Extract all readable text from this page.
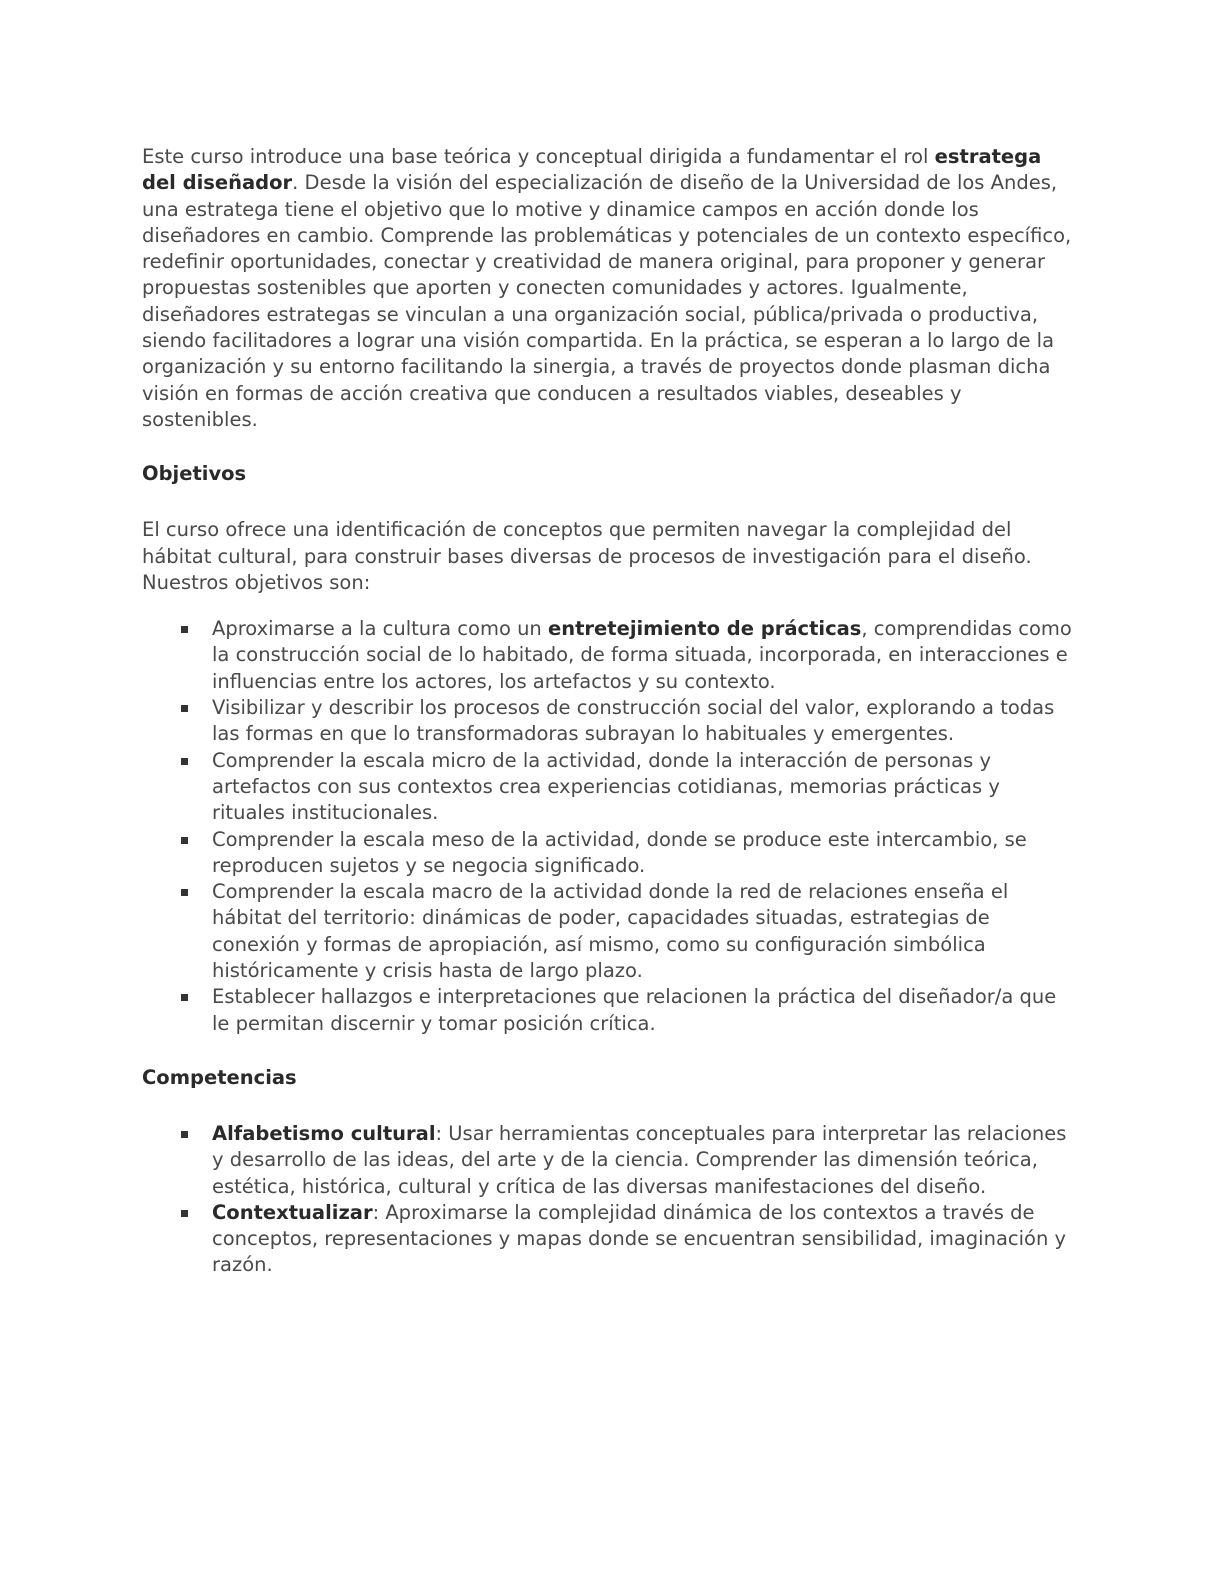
Este curso introduce una base teórica y conceptual dirigida a fundamentar el rol estratega del diseñador. Desde la visión del especialización de diseño de la Universidad de los Andes, una estratega tiene el objetivo que lo motive y dinamice campos en acción donde los diseñadores en cambio. Comprende las problemáticas y potenciales de un contexto específico, redefinir oportunidades, conectar y creatividad de manera original, para proponer y generar propuestas sostenibles que aporten y conecten comunidades y actores. Igualmente, diseñadores estrategas se vinculan a una organización social, pública/privada o productiva, siendo facilitadores a lograr una visión compartida. En la práctica, se esperan a lo largo de la organización y su entorno facilitando la sinergia, a través de proyectos donde plasman dicha visión en formas de acción creativa que conducen a resultados viables, deseables y sostenibles.

Objetivos

El curso ofrece una identificación de conceptos que permiten navegar la complejidad del hábitat cultural, para construir bases diversas de procesos de investigación para el diseño. Nuestros objetivos son:

Aproximarse a la cultura como un entretejimiento de prácticas, comprendidas como la construcción social de lo habitado, de forma situada, incorporada, en interacciones e influencias entre los actores, los artefactos y su contexto.
Visibilizar y describir los procesos de construcción social del valor, explorando a todas las formas en que lo transformadoras subrayan lo habituales y emergentes.
Comprender la escala micro de la actividad, donde la interacción de personas y artefactos con sus contextos crea experiencias cotidianas, memorias prácticas y rituales institucionales.
Comprender la escala meso de la actividad, donde se produce este intercambio, se reproducen sujetos y se negocia significado.
Comprender la escala macro de la actividad donde la red de relaciones enseña el hábitat del territorio: dinámicas de poder, capacidades situadas, estrategias de conexión y formas de apropiación, así mismo, como su configuración simbólica históricamente y crisis hasta de largo plazo.
Establecer hallazgos e interpretaciones que relacionen la práctica del diseñador/a que le permitan discernir y tomar posición crítica.
Competencias
Alfabetismo cultural: Usar herramientas conceptuales para interpretar las relaciones y desarrollo de las ideas, del arte y de la ciencia. Comprender las dimensión teórica, estética, histórica, cultural y crítica de las diversas manifestaciones del diseño.
Contextualizar: Aproximarse la complejidad dinámica de los contextos a través de conceptos, representaciones y mapas donde se encuentran sensibilidad, imaginación y razón.
